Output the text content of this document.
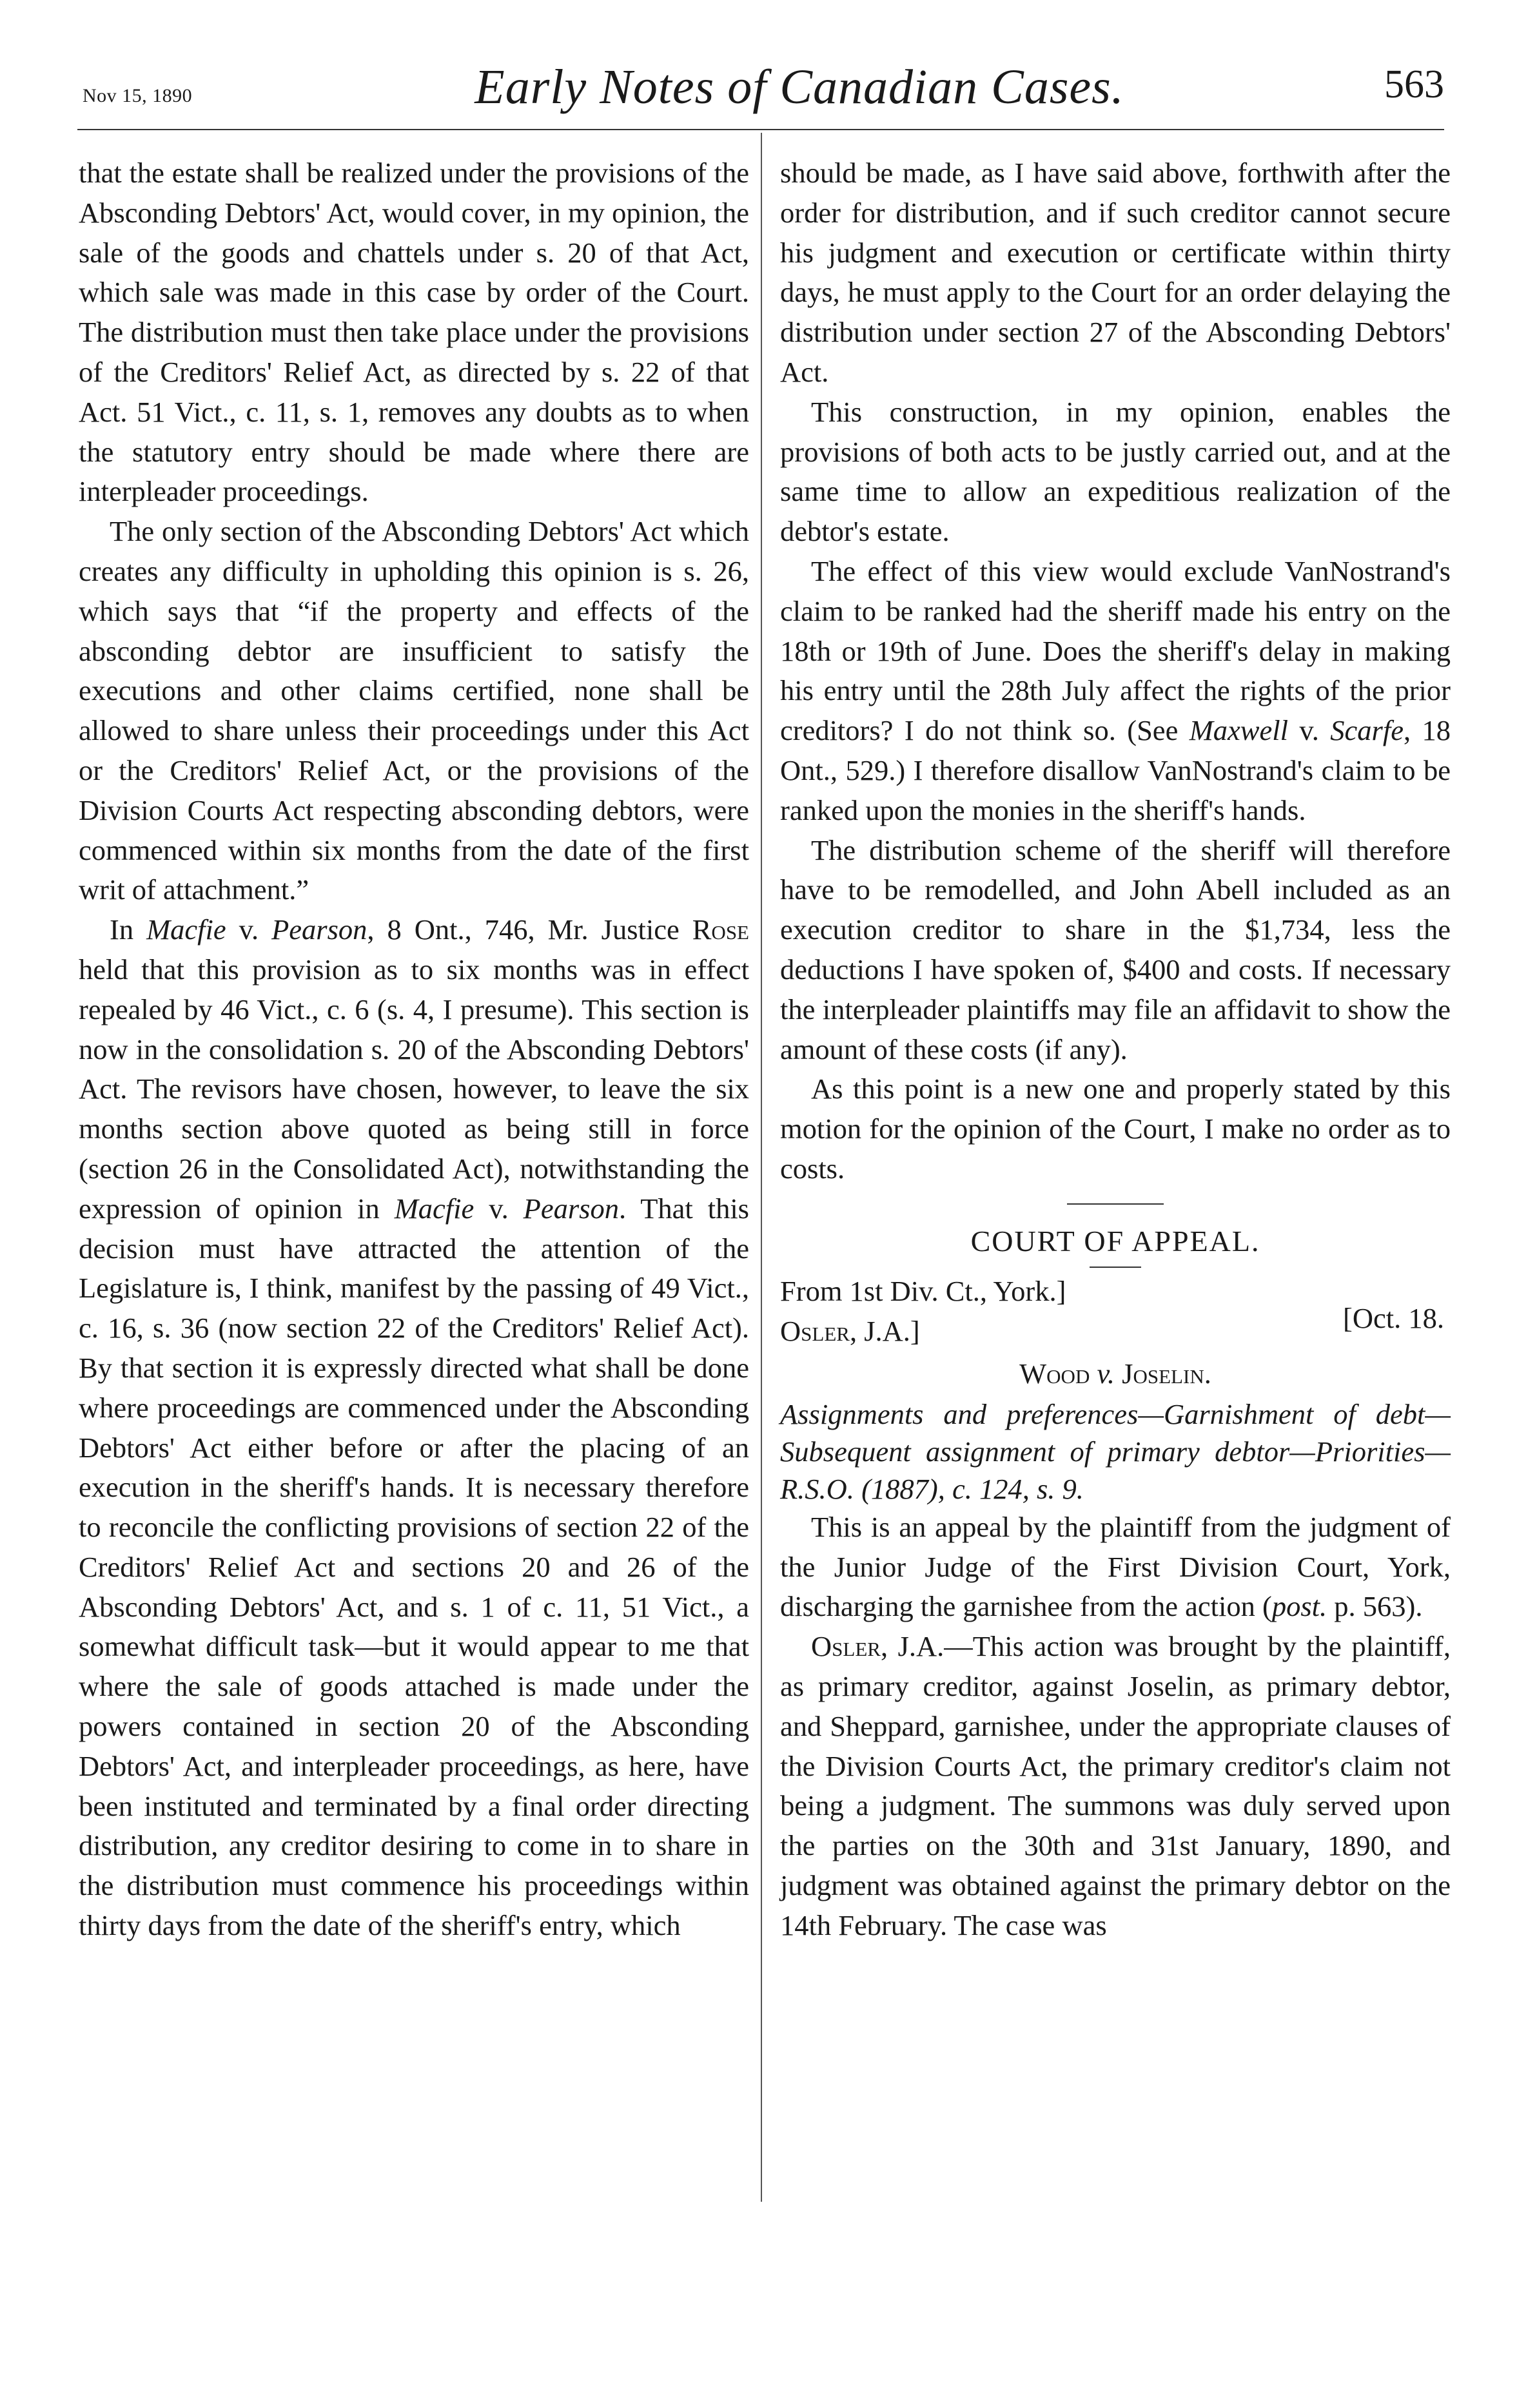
Nov 15, 1890	Early Notes of Canadian Cases.	563

that the estate shall be realized under the provisions of the Absconding Debtors' Act, would cover, in my opinion, the sale of the goods and chattels under s. 20 of that Act, which sale was made in this case by order of the Court. The distribution must then take place under the provisions of the Creditors' Relief Act, as directed by s. 22 of that Act. 51 Vict., c. 11, s. 1, removes any doubts as to when the statutory entry should be made where there are interpleader proceedings.

The only section of the Absconding Debtors' Act which creates any difficulty in upholding this opinion is s. 26, which says that “if the property and effects of the absconding debtor are insufficient to satisfy the executions and other claims certified, none shall be allowed to share unless their proceedings under this Act or the Creditors' Relief Act, or the provisions of the Division Courts Act respecting absconding debtors, were commenced within six months from the date of the first writ of attachment.”

In Macfie v. Pearson, 8 Ont., 746, Mr. Justice Rose held that this provision as to six months was in effect repealed by 46 Vict., c. 6 (s. 4, I presume). This section is now in the consolidation s. 20 of the Absconding Debtors' Act. The revisors have chosen, however, to leave the six months section above quoted as being still in force (section 26 in the Consolidated Act), notwithstanding the expression of opinion in Macfie v. Pearson. That this decision must have attracted the attention of the Legislature is, I think, manifest by the passing of 49 Vict., c. 16, s. 36 (now section 22 of the Creditors' Relief Act). By that section it is expressly directed what shall be done where proceedings are commenced under the Absconding Debtors' Act either before or after the placing of an execution in the sheriff's hands. It is necessary therefore to reconcile the conflicting provisions of section 22 of the Creditors' Relief Act and sections 20 and 26 of the Absconding Debtors' Act, and s. 1 of c. 11, 51 Vict., a somewhat difficult task—but it would appear to me that where the sale of goods attached is made under the powers contained in section 20 of the Absconding Debtors' Act, and interpleader proceedings, as here, have been instituted and terminated by a final order directing distribution, any creditor desiring to come in to share in the distribution must commence his proceedings within thirty days from the date of the sheriff's entry, which

should be made, as I have said above, forthwith after the order for distribution, and if such creditor cannot secure his judgment and execution or certificate within thirty days, he must apply to the Court for an order delaying the distribution under section 27 of the Absconding Debtors' Act.

This construction, in my opinion, enables the provisions of both acts to be justly carried out, and at the same time to allow an expeditious realization of the debtor's estate.

The effect of this view would exclude VanNostrand's claim to be ranked had the sheriff made his entry on the 18th or 19th of June. Does the sheriff's delay in making his entry until the 28th July affect the rights of the prior creditors? I do not think so. (See Maxwell v. Scarfe, 18 Ont., 529.) I therefore disallow VanNostrand's claim to be ranked upon the monies in the sheriff's hands.

The distribution scheme of the sheriff will therefore have to be remodelled, and John Abell included as an execution creditor to share in the $1,734, less the deductions I have spoken of, $400 and costs. If necessary the interpleader plaintiffs may file an affidavit to show the amount of these costs (if any).

As this point is a new one and properly stated by this motion for the opinion of the Court, I make no order as to costs.

COURT OF APPEAL.
From 1st Div. Ct., York.]
Osler, J.A.]	[Oct. 18.
Wood v. Joselin.

Assignments and preferences—Garnishment of debt—Subsequent assignment of primary debtor—Priorities—R.S.O. (1887), c. 124, s. 9.

This is an appeal by the plaintiff from the judgment of the Junior Judge of the First Division Court, York, discharging the garnishee from the action (post. p. 563).

Osler, J.A.—This action was brought by the plaintiff, as primary creditor, against Joselin, as primary debtor, and Sheppard, garnishee, under the appropriate clauses of the Division Courts Act, the primary creditor's claim not being a judgment. The summons was duly served upon the parties on the 30th and 31st January, 1890, and judgment was obtained against the primary debtor on the 14th February. The case was
